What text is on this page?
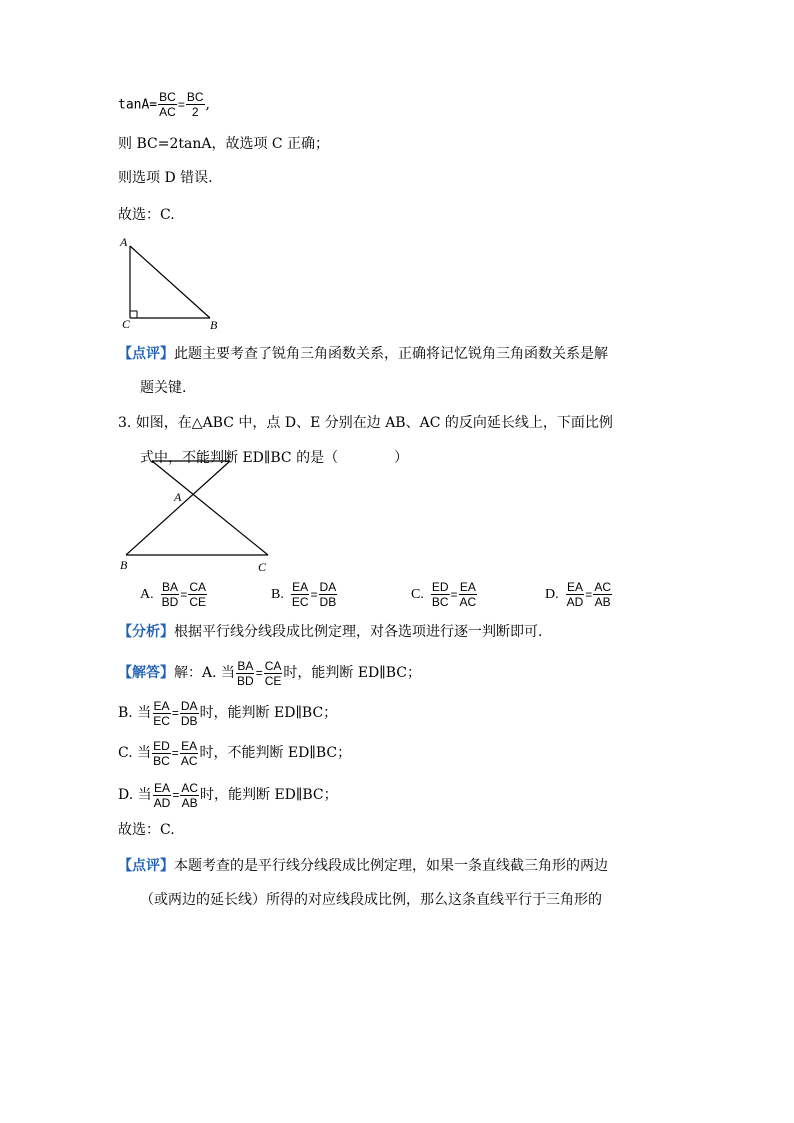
$\tan A= \frac{BC}{AC} = \frac{BC}{2}$ ,
则 BC=2tanA，故选项 C 正确；
则选项 D 错误.
故选：C.
A
C	B
【点评】此题主要考查了锐角三角函数关系，正确将记忆锐角三角函数关系是解
题关键.
3. 如图，在△ABC 中，点 D、E 分别在边 AB、AC 的反向延长线上，下面比例
式中，不能判断 ED∥BC 的是（　　　　）
A
B	C
A. $\frac{BA}{BD} = \frac{CA}{CE}$	B. $\frac{EA}{EC} = \frac{DA}{DB}$	C. $\frac{ED}{BC} = \frac{EA}{AC}$	D. $\frac{EA}{AD} = \frac{AC}{AB}$
【分析】根据平行线分线段成比例定理，对各选项进行逐一判断即可.
【解答】解：A. 当 $\frac{BA}{BD} = \frac{CA}{CE}$ 时，能判断 ED∥BC；
B. 当 $\frac{EA}{EC} = \frac{DA}{DB}$ 时，能判断 ED∥BC；
C. 当 $\frac{ED}{BC} = \frac{EA}{AC}$ 时，不能判断 ED∥BC；
D. 当 $\frac{EA}{AD} = \frac{AC}{AB}$ 时，能判断 ED∥BC；
故选：C.
【点评】本题考查的是平行线分线段成比例定理，如果一条直线截三角形的两边
（或两边的延长线）所得的对应线段成比例，那么这条直线平行于三角形的
